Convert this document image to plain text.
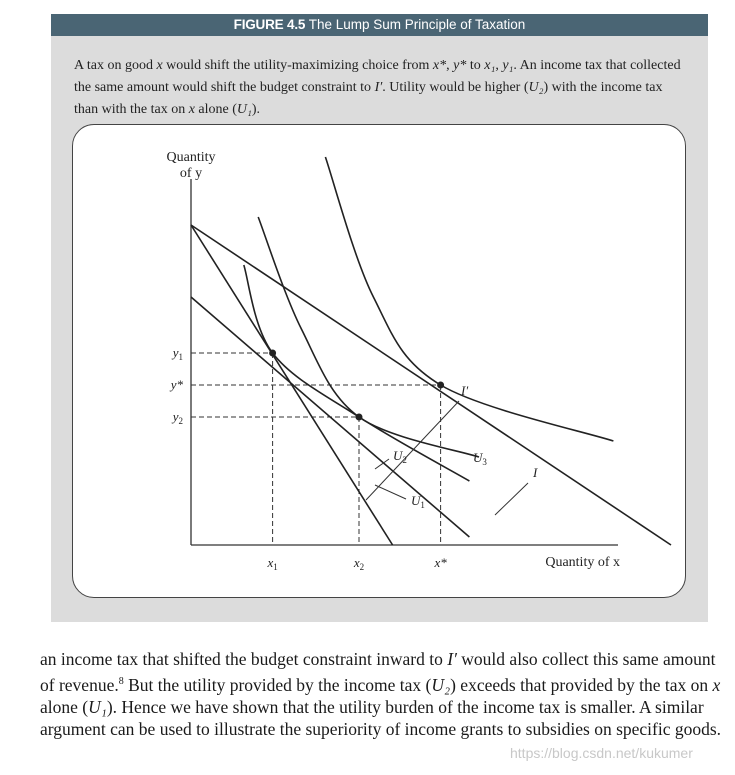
FIGURE 4.5 The Lump Sum Principle of Taxation
A tax on good x would shift the utility-maximizing choice from x*, y* to x₁, y₁. An income tax that collected the same amount would shift the budget constraint to I′. Utility would be higher (U₂) with the income tax than with the tax on x alone (U₁).
Quantity
of y
Quantity of x
$x_1$	$x_2$	x*
$y_1$
y*
$y_2$
I
I′
$U_1$
$U_2$	$U_3$
an income tax that shifted the budget constraint inward to I′ would also collect this same amount of revenue.$^8$ But the utility provided by the income tax (U₂) exceeds that provided by the tax on x alone (U₁). Hence we have shown that the utility burden of the income tax is smaller. A similar argument can be used to illustrate the superiority of income grants to subsidies on specific goods.
https://blog.csdn.net/kukumer
